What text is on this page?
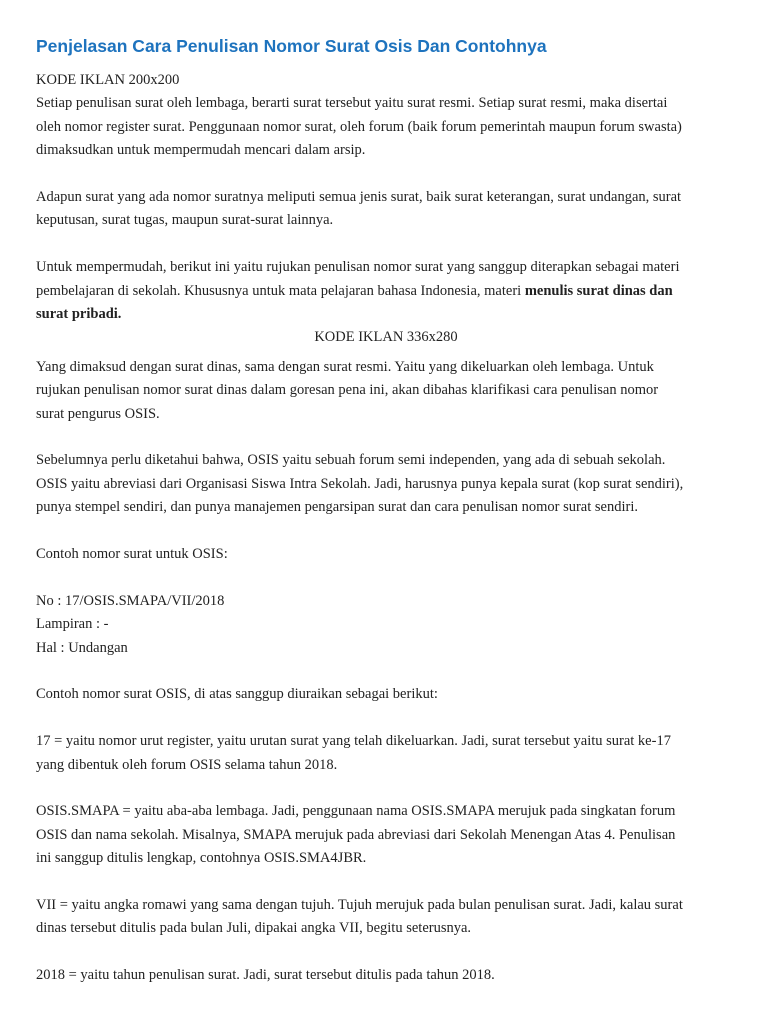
Penjelasan Cara Penulisan Nomor Surat Osis Dan Contohnya
KODE IKLAN 200x200
Setiap penulisan surat oleh lembaga, berarti surat tersebut yaitu surat resmi. Setiap surat resmi, maka disertai
oleh nomor register surat. Penggunaan nomor surat, oleh forum (baik forum pemerintah maupun forum swasta)
dimaksudkan untuk mempermudah mencari dalam arsip.
Adapun surat yang ada nomor suratnya meliputi semua jenis surat, baik surat keterangan, surat undangan, surat
keputusan, surat tugas, maupun surat-surat lainnya.
Untuk mempermudah, berikut ini yaitu rujukan penulisan nomor surat yang sanggup diterapkan sebagai materi
pembelajaran di sekolah. Khususnya untuk mata pelajaran bahasa Indonesia, materi menulis surat dinas dan
surat pribadi.
KODE IKLAN 336x280
Yang dimaksud dengan surat dinas, sama dengan surat resmi. Yaitu yang dikeluarkan oleh lembaga. Untuk
rujukan penulisan nomor surat dinas dalam goresan pena ini, akan dibahas klarifikasi cara penulisan nomor
surat pengurus OSIS.
Sebelumnya perlu diketahui bahwa, OSIS yaitu sebuah forum semi independen, yang ada di sebuah sekolah.
OSIS yaitu abreviasi dari Organisasi Siswa Intra Sekolah. Jadi, harusnya punya kepala surat (kop surat sendiri),
punya stempel sendiri, dan punya manajemen pengarsipan surat dan cara penulisan nomor surat sendiri.
Contoh nomor surat untuk OSIS:
No : 17/OSIS.SMAPA/VII/2018
Lampiran : -
Hal : Undangan
Contoh nomor surat OSIS, di atas sanggup diuraikan sebagai berikut:
17 = yaitu nomor urut register, yaitu urutan surat yang telah dikeluarkan. Jadi, surat tersebut yaitu surat ke-17
yang dibentuk oleh forum OSIS selama tahun 2018.
OSIS.SMAPA = yaitu aba-aba lembaga. Jadi, penggunaan nama OSIS.SMAPA merujuk pada singkatan forum
OSIS dan nama sekolah. Misalnya, SMAPA merujuk pada abreviasi dari Sekolah Menengan Atas 4. Penulisan
ini sanggup ditulis lengkap, contohnya OSIS.SMA4JBR.
VII = yaitu angka romawi yang sama dengan tujuh. Tujuh merujuk pada bulan penulisan surat. Jadi, kalau surat
dinas tersebut ditulis pada bulan Juli, dipakai angka VII, begitu seterusnya.
2018 = yaitu tahun penulisan surat. Jadi, surat tersebut ditulis pada tahun 2018.
